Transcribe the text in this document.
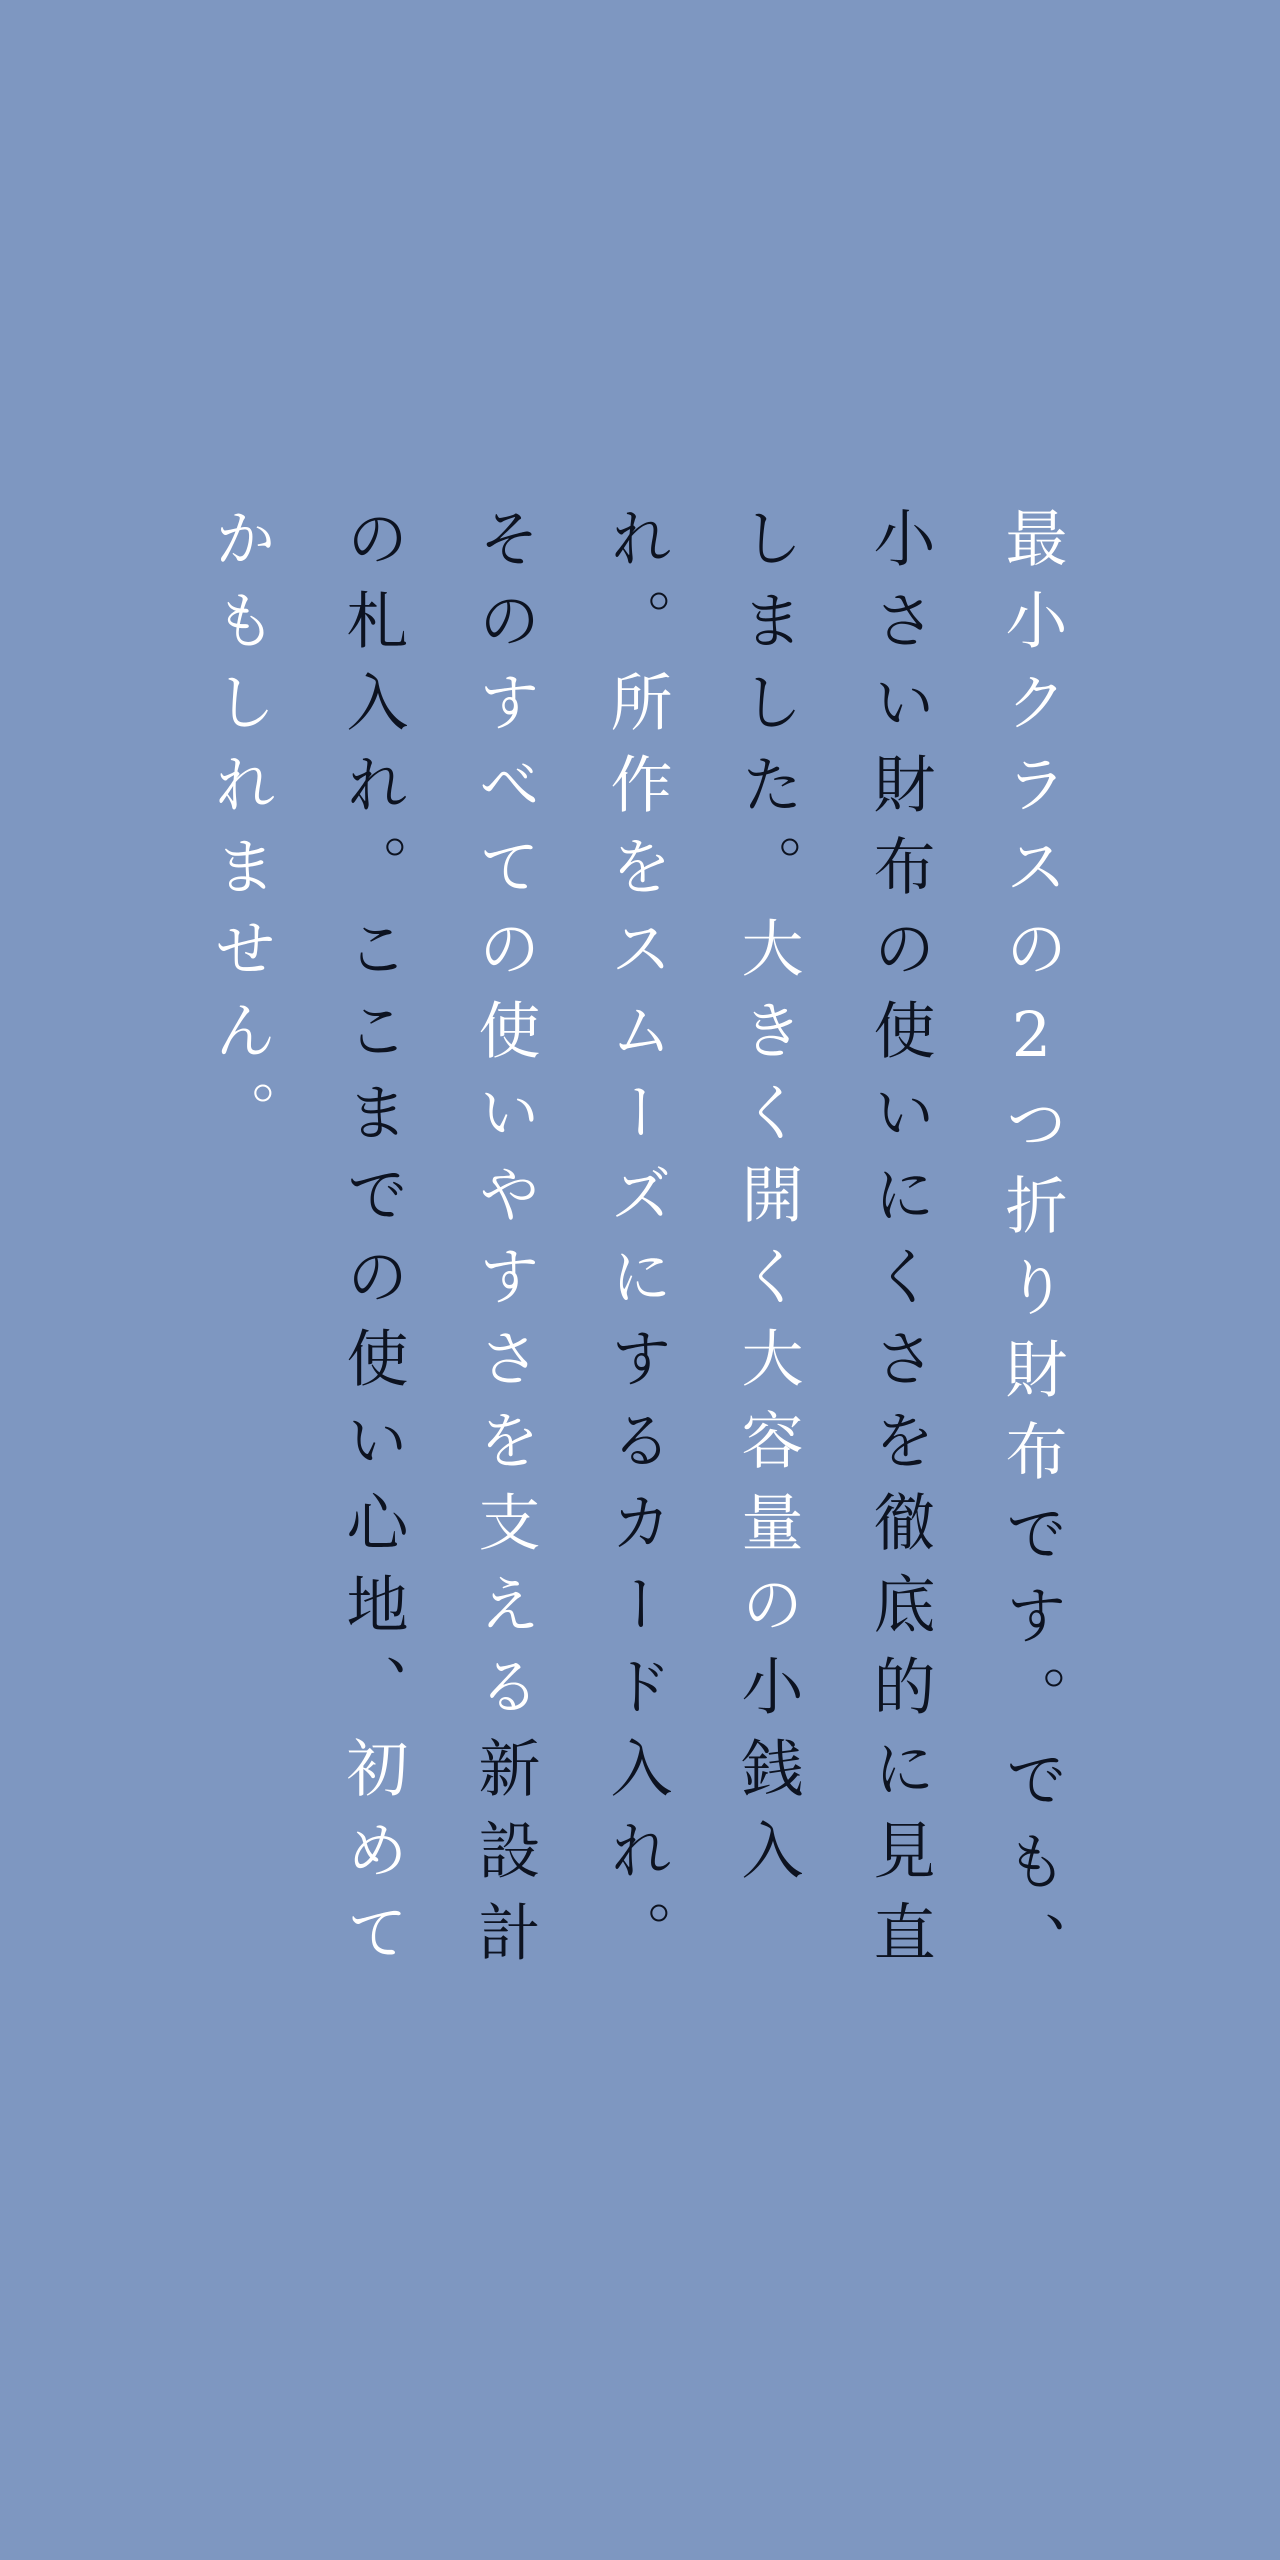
最小クラスの2つ折り財布です。でも、
小さい財布の使いにくさを徹底的に見直
しました。大きく開く大容量の小銭入
れ。所作をスムーズにするカード入れ。
そのすべての使いやすさを支える新設計
の札入れ。ここまでの使い心地、初めて
かもしれません。
